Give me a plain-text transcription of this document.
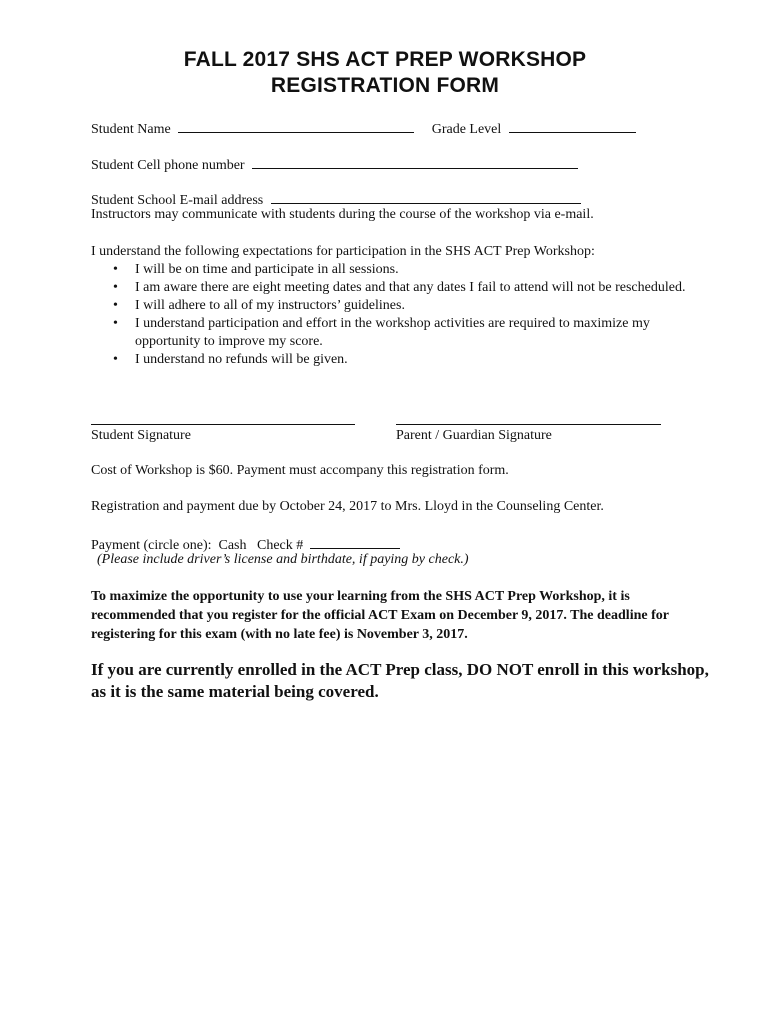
FALL 2017 SHS ACT PREP WORKSHOP
REGISTRATION FORM
Student Name	Grade Level
Student Cell phone number
Student School E-mail address
Instructors may communicate with students during the course of the workshop via e-mail.
I understand the following expectations for participation in the SHS ACT Prep Workshop:
• I will be on time and participate in all sessions.
• I am aware there are eight meeting dates and that any dates I fail to attend will not be rescheduled.
• I will adhere to all of my instructors’ guidelines.
• I understand participation and effort in the workshop activities are required to maximize my opportunity to improve my score.
• I understand no refunds will be given.
Student Signature	Parent / Guardian Signature
Cost of Workshop is $60. Payment must accompany this registration form.
Registration and payment due by October 24, 2017 to Mrs. Lloyd in the Counseling Center.
Payment (circle one):  Cash   Check #
(Please include driver’s license and birthdate, if paying by check.)
To maximize the opportunity to use your learning from the SHS ACT Prep Workshop, it is recommended that you register for the official ACT Exam on December 9, 2017. The deadline for registering for this exam (with no late fee) is November 3, 2017.
If you are currently enrolled in the ACT Prep class, DO NOT enroll in this workshop, as it is the same material being covered.
